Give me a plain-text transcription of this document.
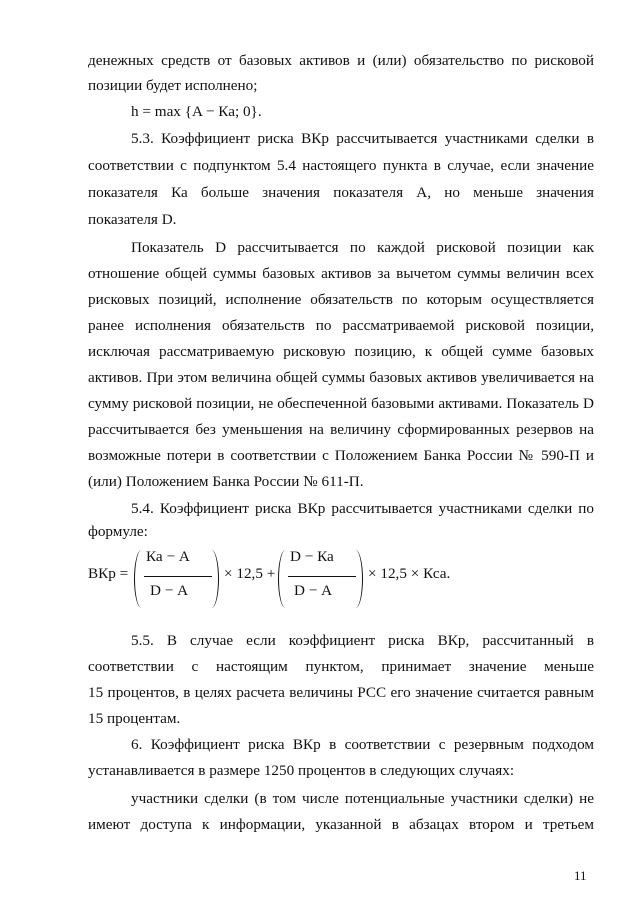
денежных средств от базовых активов и (или) обязательство по рисковой
позиции будет исполнено;
h = max {A − Ка; 0}.
5.3. Коэффициент риска ВКр рассчитывается участниками сделки в
соответствии с подпунктом 5.4 настоящего пункта в случае, если значение
показателя Ка больше значения показателя А, но меньше значения
показателя D.
Показатель D рассчитывается по каждой рисковой позиции как
отношение общей суммы базовых активов за вычетом суммы величин всех
рисковых позиций, исполнение обязательств по которым осуществляется
ранее исполнения обязательств по рассматриваемой рисковой позиции,
исключая рассматриваемую рисковую позицию, к общей сумме базовых
активов. При этом величина общей суммы базовых активов увеличивается на
сумму рисковой позиции, не обеспеченной базовыми активами. Показатель D
рассчитывается без уменьшения на величину сформированных резервов на
возможные потери в соответствии с Положением Банка России № 590-П и
(или) Положением Банка России № 611-П.
5.4. Коэффициент риска ВКр рассчитывается участниками сделки по
формуле:
ВКр =
Ка − А
D − А
× 12,5 +
D − Ка
D − А
× 12,5 × Кса.
5.5. В случае если коэффициент риска ВКр, рассчитанный в
соответствии с настоящим пунктом, принимает значение меньше
15 процентов, в целях расчета величины РСС его значение считается равным
15 процентам.
6. Коэффициент риска ВКр в соответствии с резервным подходом
устанавливается в размере 1250 процентов в следующих случаях:
участники сделки (в том числе потенциальные участники сделки) не
имеют доступа к информации, указанной в абзацах втором и третьем
11
